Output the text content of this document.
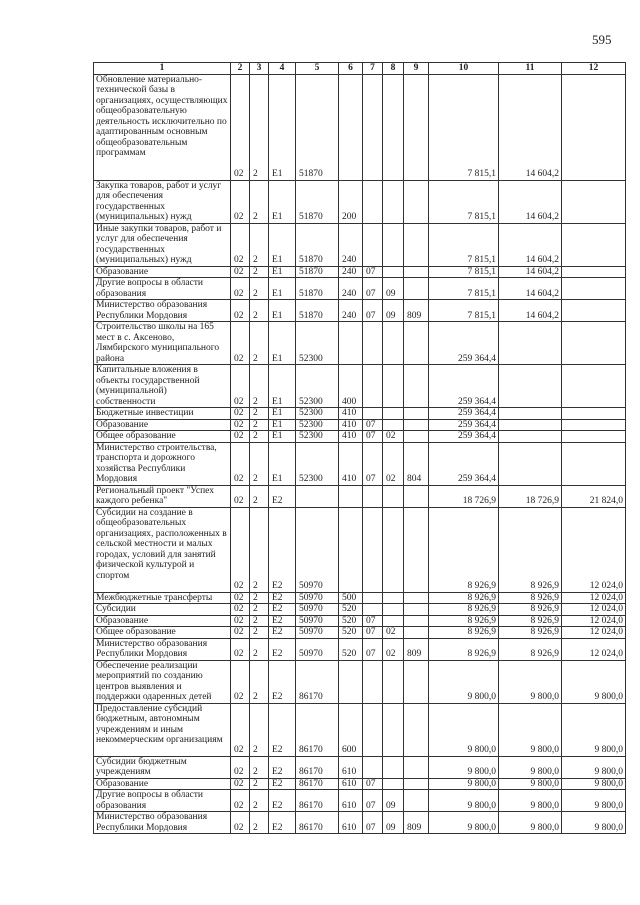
595
1	2	3	4	5	6	7	8	9	10	11	12
Обновление материально-технической базы в организациях, осуществляющих общеобразовательную деятельность исключительно по адаптированным основным общеобразовательным программам	02	2	E1	51870					7 815,1	14 604,2	
Закупка товаров, работ и услуг для обеспечения государственных (муниципальных) нужд	02	2	E1	51870	200				7 815,1	14 604,2	
Иные закупки товаров, работ и услуг для обеспечения государственных (муниципальных) нужд	02	2	E1	51870	240				7 815,1	14 604,2	
Образование	02	2	E1	51870	240	07			7 815,1	14 604,2	
Другие вопросы в области образования	02	2	E1	51870	240	07	09		7 815,1	14 604,2	
Министерство образования Республики Мордовия	02	2	E1	51870	240	07	09	809	7 815,1	14 604,2	
Строительство школы на 165 мест в с. Аксеново, Лямбирского муниципального района	02	2	E1	52300					259 364,4		
Капитальные вложения в объекты государственной (муниципальной) собственности	02	2	E1	52300	400				259 364,4		
Бюджетные инвестиции	02	2	E1	52300	410				259 364,4		
Образование	02	2	E1	52300	410	07			259 364,4		
Общее образование	02	2	E1	52300	410	07	02		259 364,4		
Министерство строительства, транспорта и дорожного хозяйства Республики Мордовия	02	2	E1	52300	410	07	02	804	259 364,4		
Региональный проект "Успех каждого ребенка"	02	2	E2						18 726,9	18 726,9	21 824,0
Субсидии на создание в общеобразовательных организациях, расположенных в сельской местности и малых городах, условий для занятий физической культурой и спортом	02	2	E2	50970					8 926,9	8 926,9	12 024,0
Межбюджетные трансферты	02	2	E2	50970	500				8 926,9	8 926,9	12 024,0
Субсидии	02	2	E2	50970	520				8 926,9	8 926,9	12 024,0
Образование	02	2	E2	50970	520	07			8 926,9	8 926,9	12 024,0
Общее образование	02	2	E2	50970	520	07	02		8 926,9	8 926,9	12 024,0
Министерство образования Республики Мордовия	02	2	E2	50970	520	07	02	809	8 926,9	8 926,9	12 024,0
Обеспечение реализации мероприятий по созданию центров выявления и поддержки одаренных детей	02	2	E2	86170					9 800,0	9 800,0	9 800,0
Предоставление субсидий бюджетным, автономным учреждениям и иным некоммерческим организациям	02	2	E2	86170	600				9 800,0	9 800,0	9 800,0
Субсидии бюджетным учреждениям	02	2	E2	86170	610				9 800,0	9 800,0	9 800,0
Образование	02	2	E2	86170	610	07			9 800,0	9 800,0	9 800,0
Другие вопросы в области образования	02	2	E2	86170	610	07	09		9 800,0	9 800,0	9 800,0
Министерство образования Республики Мордовия	02	2	E2	86170	610	07	09	809	9 800,0	9 800,0	9 800,0
